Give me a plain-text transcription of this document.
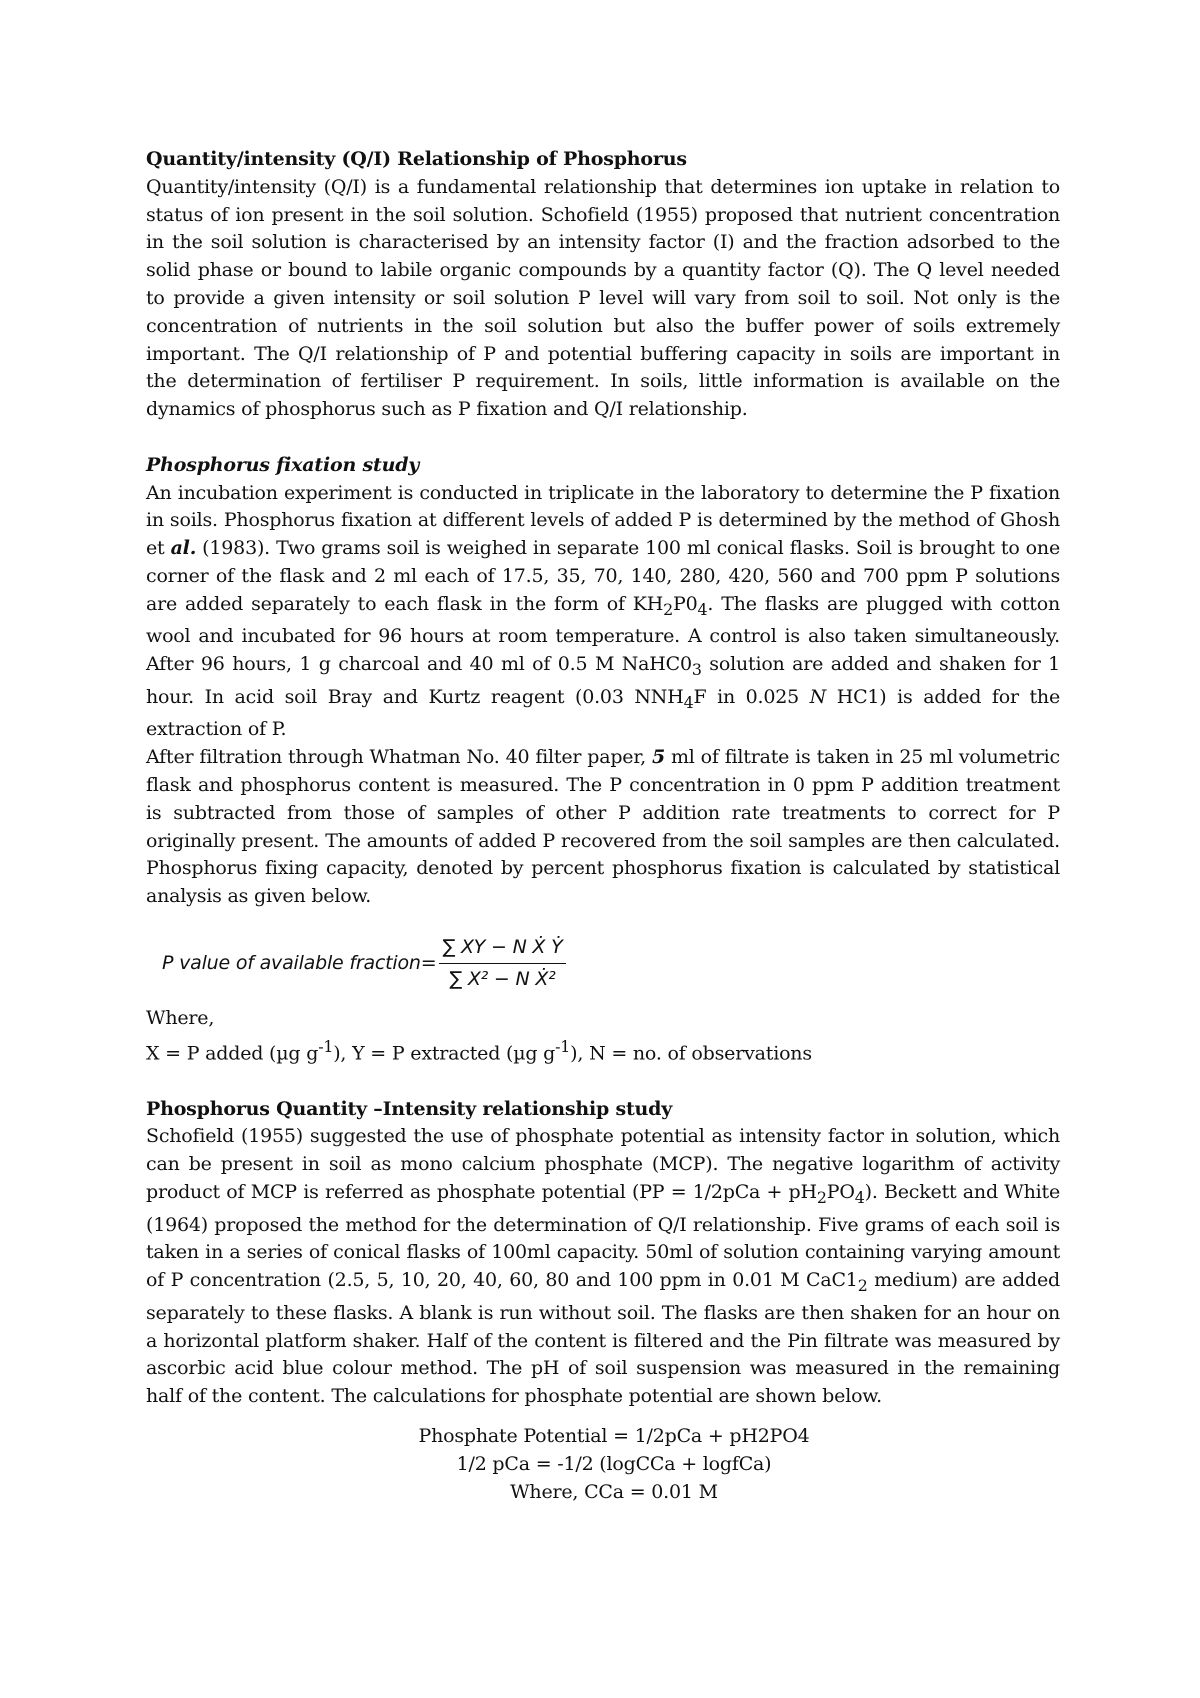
Quantity/intensity (Q/I) Relationship of Phosphorus

Quantity/intensity (Q/I) is a fundamental relationship that determines ion uptake in relation to status of ion present in the soil solution. Schofield (1955) proposed that nutrient concentration in the soil solution is characterised by an intensity factor (I) and the fraction adsorbed to the solid phase or bound to labile organic compounds by a quantity factor (Q). The Q level needed to provide a given intensity or soil solution P level will vary from soil to soil. Not only is the concentration of nutrients in the soil solution but also the buffer power of soils extremely important. The Q/I relationship of P and potential buffering capacity in soils are important in the determination of fertiliser P requirement. In soils, little information is available on the dynamics of phosphorus such as P fixation and Q/I relationship.

Phosphorus fixation study

An incubation experiment is conducted in triplicate in the laboratory to determine the P fixation in soils. Phosphorus fixation at different levels of added P is determined by the method of Ghosh et al. (1983). Two grams soil is weighed in separate 100 ml conical flasks. Soil is brought to one corner of the flask and 2 ml each of 17.5, 35, 70, 140, 280, 420, 560 and 700 ppm P solutions are added separately to each flask in the form of $KH_2P0_4$. The flasks are plugged with cotton wool and incubated for 96 hours at room temperature. A control is also taken simultaneously. After 96 hours, 1 g charcoal and 40 ml of 0.5 M $NaHC0_3$ solution are added and shaken for 1 hour. In acid soil Bray and Kurtz reagent (0.03 $NNH_4F$ in 0.025 N HC1) is added for the extraction of P.

After filtration through Whatman No. 40 filter paper, 5 ml of filtrate is taken in 25 ml volumetric flask and phosphorus content is measured. The P concentration in 0 ppm P addition treatment is subtracted from those of samples of other P addition rate treatments to correct for P originally present. The amounts of added P recovered from the soil samples are then calculated. Phosphorus fixing capacity, denoted by percent phosphorus fixation is calculated by statistical analysis as given below.

P value of available fraction= $\frac{\text{∑ XY − N Ẋ Ẏ}}{\text{∑ X² − N Ẋ²}}$

Where,

X = P added (µg $g^{-1}$), Y = P extracted (µg $g^{-1}$), N = no. of observations

Phosphorus Quantity –Intensity relationship study

Schofield (1955) suggested the use of phosphate potential as intensity factor in solution, which can be present in soil as mono calcium phosphate (MCP). The negative logarithm of activity product of MCP is referred as phosphate potential $(PP = 1/2pCa + pH_2PO_4)$. Beckett and White (1964) proposed the method for the determination of Q/I relationship. Five grams of each soil is taken in a series of conical flasks of 100ml capacity. 50ml of solution containing varying amount of P concentration (2.5, 5, 10, 20, 40, 60, 80 and 100 ppm in 0.01 M $CaC1_2$ medium) are added separately to these flasks. A blank is run without soil. The flasks are then shaken for an hour on a horizontal platform shaker. Half of the content is filtered and the Pin filtrate was measured by ascorbic acid blue colour method. The pH of soil suspension was measured in the remaining half of the content. The calculations for phosphate potential are shown below.

Phosphate Potential = 1/2pCa + pH2PO4
1/2 pCa = -1/2 (logCCa + logfCa)
Where, CCa = 0.01 M
